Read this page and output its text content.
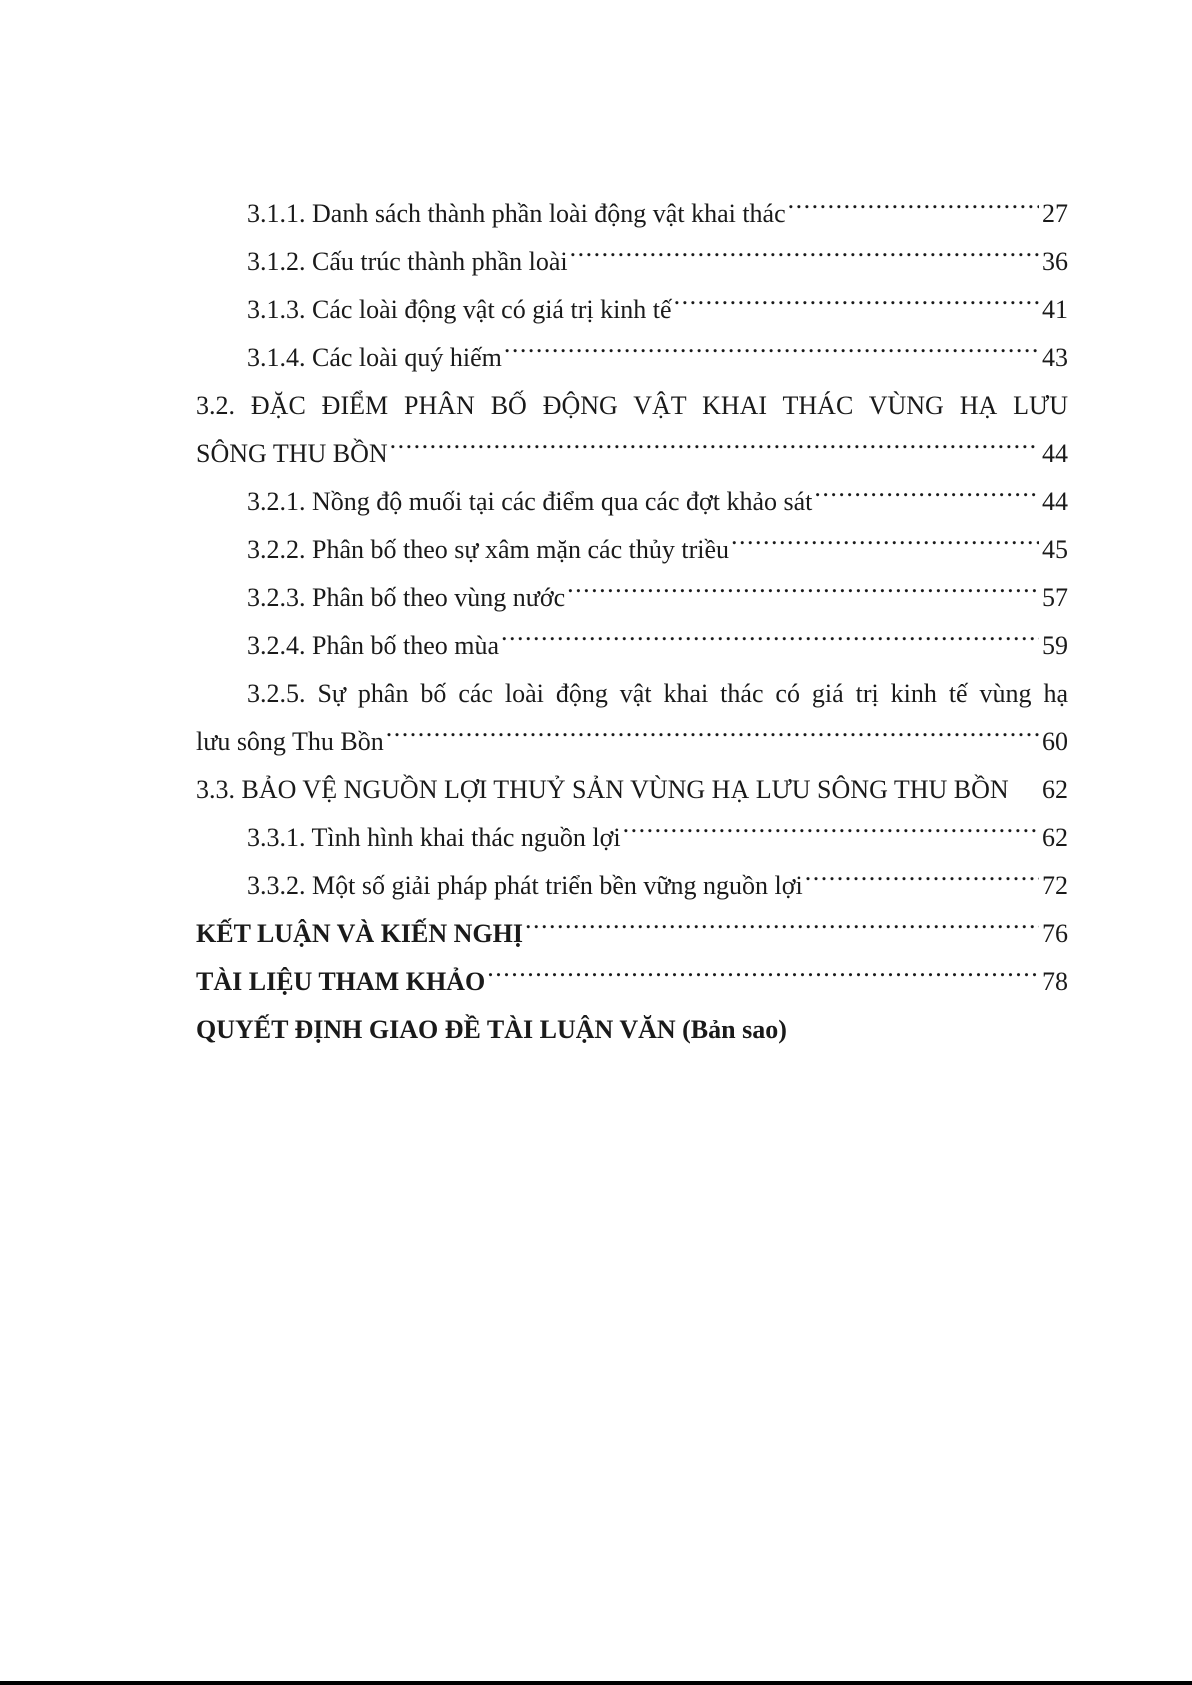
3.1.1. Danh sách thành phần loài động vật khai thác .....	27
3.1.2. Cấu trúc thành phần loài .....	36
3.1.3. Các loài động vật có giá trị kinh tế .....	41
3.1.4. Các loài quý hiếm .....	43
3.2. ĐẶC ĐIỂM PHÂN BỐ ĐỘNG VẬT KHAI THÁC VÙNG HẠ LƯU
SÔNG THU BỒN .....	44
3.2.1. Nồng độ muối tại các điểm qua các đợt khảo sát .....	44
3.2.2. Phân bố theo sự xâm mặn các thủy triều .....	45
3.2.3. Phân bố theo vùng nước .....	57
3.2.4. Phân bố theo mùa .....	59
3.2.5. Sự phân bố các loài động vật khai thác có giá trị kinh tế vùng hạ
lưu sông Thu Bồn .....	60
3.3. BẢO VỆ NGUỒN LỢI THUỶ SẢN VÙNG HẠ LƯU SÔNG THU BỒN 62
3.3.1. Tình hình khai thác nguồn lợi .....	62
3.3.2. Một số giải pháp phát triển bền vững nguồn lợi .....	72
KẾT LUẬN VÀ KIẾN NGHỊ .....	76
TÀI LIỆU THAM KHẢO .....	78
QUYẾT ĐỊNH GIAO ĐỀ TÀI LUẬN VĂN (Bản sao)
